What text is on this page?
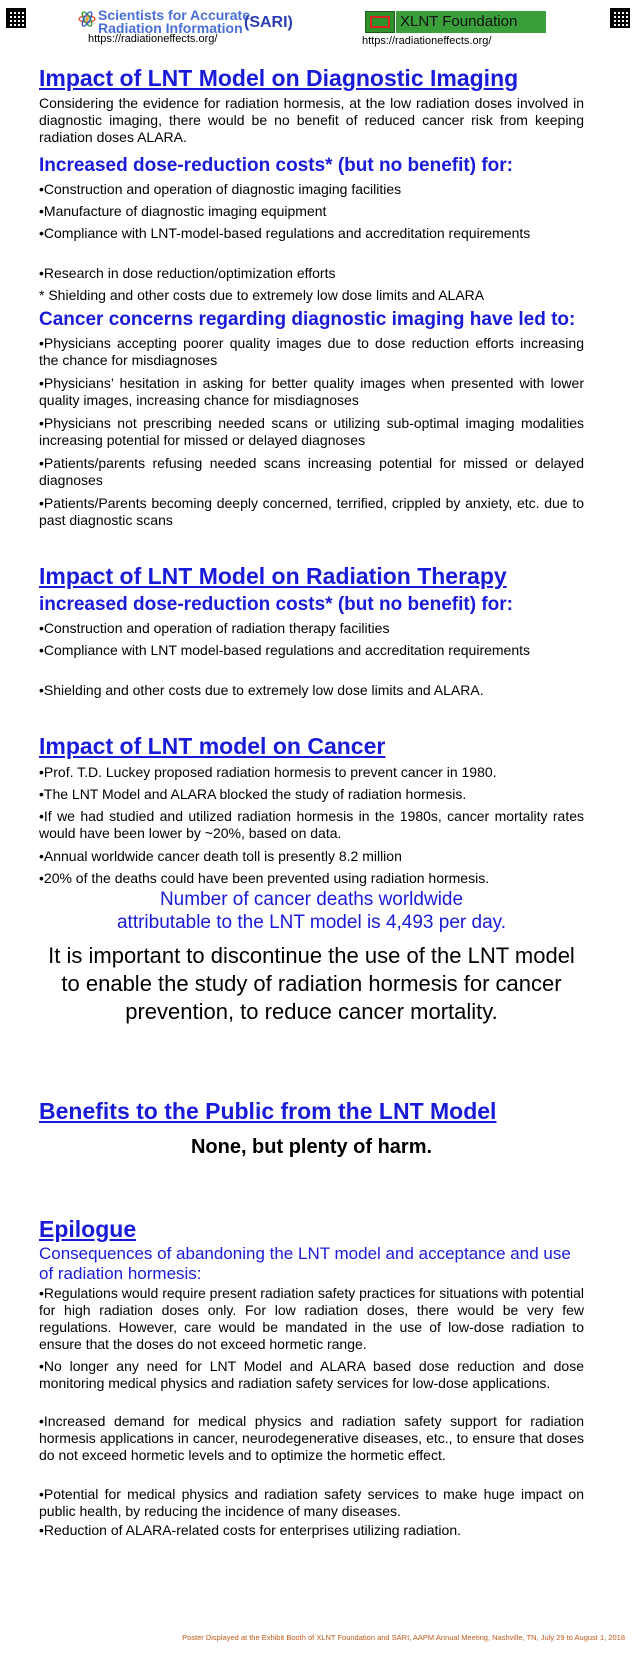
Scientists for Accurate Radiation Information (SARI)
https://radiationeffects.org/
XLNT Foundation
https://radiationeffects.org/
Impact of LNT Model on Diagnostic Imaging

Considering the evidence for radiation hormesis, at the low radiation doses involved in diagnostic imaging, there would be no benefit of reduced cancer risk from keeping radiation doses ALARA.

Increased dose-reduction costs* (but no benefit) for:

•Construction and operation of diagnostic imaging facilities

•Manufacture of diagnostic imaging equipment

•Compliance with LNT-model-based regulations and accreditation requirements

•Research in dose reduction/optimization efforts

* Shielding and other costs due to extremely low dose limits and ALARA

Cancer concerns regarding diagnostic imaging have led to:

•Physicians accepting poorer quality images due to dose reduction efforts increasing the chance for misdiagnoses

•Physicians’ hesitation in asking for better quality images when presented with lower quality images, increasing chance for misdiagnoses

•Physicians not prescribing needed scans or utilizing sub-optimal imaging modalities increasing potential for missed or delayed diagnoses

•Patients/parents refusing needed scans increasing potential for missed or delayed diagnoses

•Patients/Parents becoming deeply concerned, terrified, crippled by anxiety, etc. due to past diagnostic scans

Impact of LNT Model on Radiation Therapy
increased dose-reduction costs* (but no benefit) for:

•Construction and operation of radiation therapy facilities

•Compliance with LNT model-based regulations and accreditation requirements

•Shielding and other costs due to extremely low dose limits and ALARA.

Impact of LNT model on Cancer

•Prof. T.D. Luckey proposed radiation hormesis to prevent cancer in 1980.

•The LNT Model and ALARA blocked the study of radiation hormesis.

•If we had studied and utilized radiation hormesis in the 1980s, cancer mortality rates would have been lower by ~20%, based on data.

•Annual worldwide cancer death toll is presently 8.2 million

•20% of the deaths could have been prevented using radiation hormesis.

Number of cancer deaths worldwide
attributable to the LNT model is 4,493 per day.

It is important to discontinue the use of the LNT model to enable the study of radiation hormesis for cancer prevention, to reduce cancer mortality.

Benefits to the Public from the LNT Model

None, but plenty of harm.

Epilogue

Consequences of abandoning the LNT model and acceptance and use of radiation hormesis:

•Regulations would require present radiation safety practices for situations with potential for high radiation doses only. For low radiation doses, there would be very few regulations. However, care would be mandated in the use of low-dose radiation to ensure that the doses do not exceed hormetic range.

•No longer any need for LNT Model and ALARA based dose reduction and dose monitoring medical physics and radiation safety services for low-dose applications.

•Increased demand for medical physics and radiation safety support for radiation hormesis applications in cancer, neurodegenerative diseases, etc., to ensure that doses do not exceed hormetic levels and to optimize the hormetic effect.

•Potential for medical physics and radiation safety services to make huge impact on public health, by reducing the incidence of many diseases.

•Reduction of ALARA-related costs for enterprises utilizing radiation.

Poster Displayed at the Exhibit Booth of XLNT Foundation and SARI, AAPM Annual Meeting, Nashville, TN, July 29 to August 1, 2018
